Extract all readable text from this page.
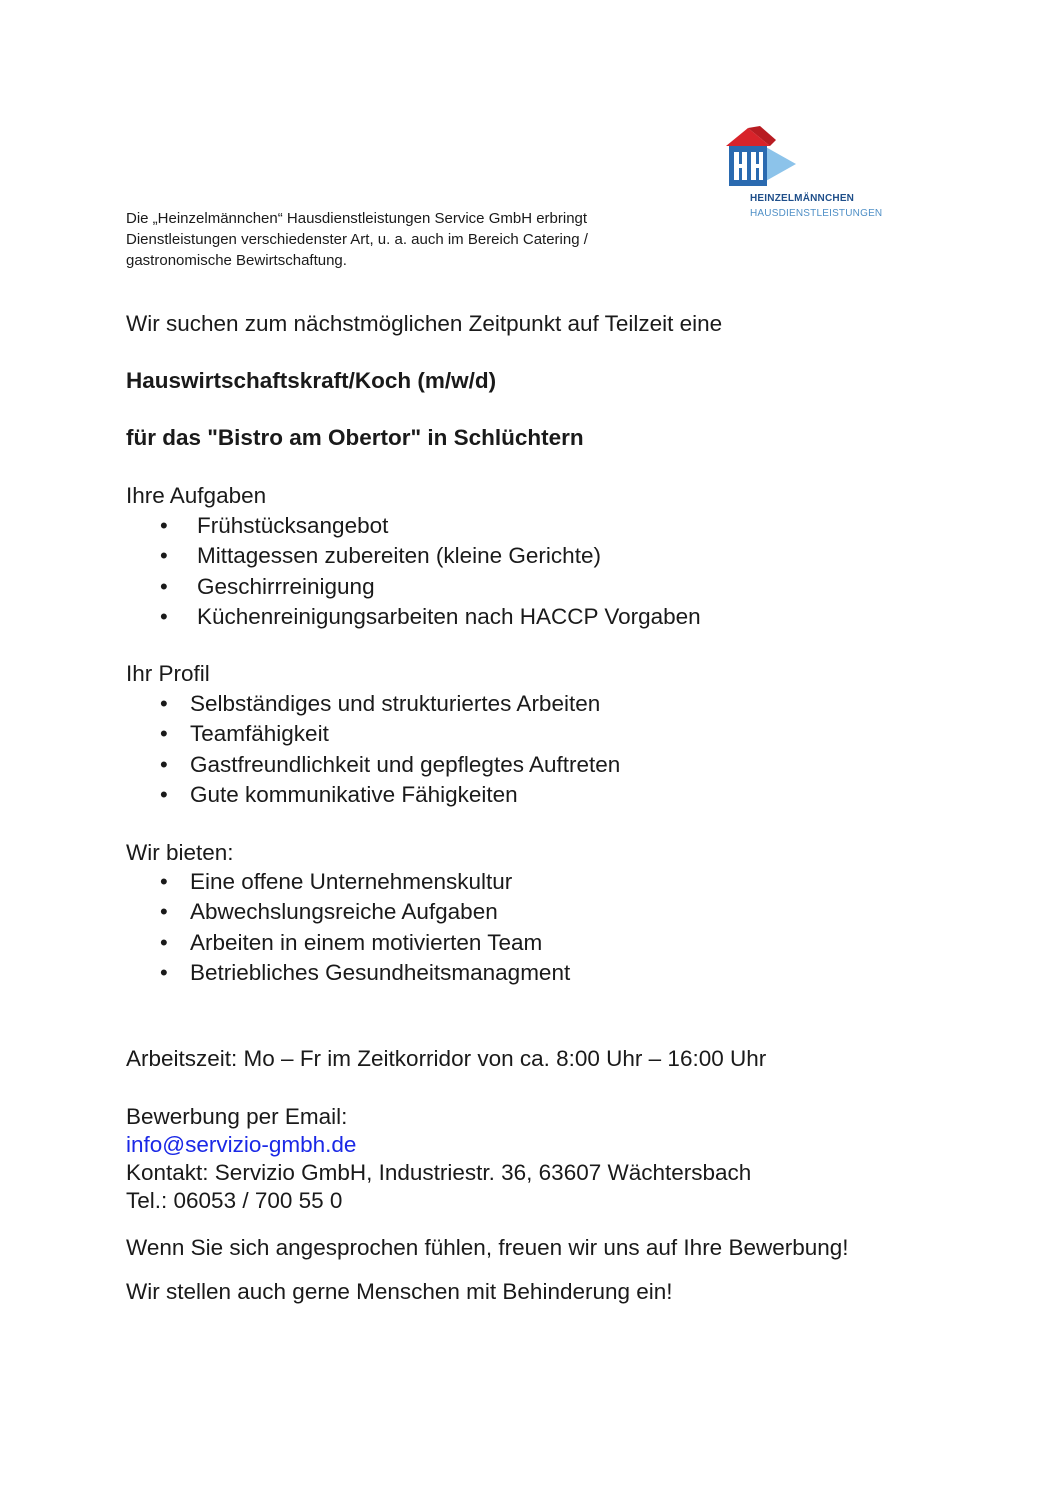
HEINZELMÄNNCHEN
HAUSDIENSTLEISTUNGEN
Die „Heinzelmännchen“ Hausdienstleistungen Service GmbH erbringt
Dienstleistungen verschiedenster Art, u. a. auch im Bereich Catering /
gastronomische Bewirtschaftung.
Wir suchen zum nächstmöglichen Zeitpunkt auf Teilzeit eine
Hauswirtschaftskraft/Koch (m/w/d)
für das "Bistro am Obertor" in Schlüchtern
Ihre Aufgaben
• Frühstücksangebot
• Mittagessen zubereiten (kleine Gerichte)
• Geschirrreinigung
• Küchenreinigungsarbeiten nach HACCP Vorgaben
Ihr Profil
• Selbständiges und strukturiertes Arbeiten
• Teamfähigkeit
• Gastfreundlichkeit und gepflegtes Auftreten
• Gute kommunikative Fähigkeiten
Wir bieten:
• Eine offene Unternehmenskultur
• Abwechslungsreiche Aufgaben
• Arbeiten in einem motivierten Team
• Betriebliches Gesundheitsmanagment
Arbeitszeit: Mo – Fr im Zeitkorridor von ca. 8:00 Uhr – 16:00 Uhr
Bewerbung per Email:
info@servizio-gmbh.de
Kontakt: Servizio GmbH, Industriestr. 36, 63607 Wächtersbach
Tel.: 06053 / 700 55 0
Wenn Sie sich angesprochen fühlen, freuen wir uns auf Ihre Bewerbung!
Wir stellen auch gerne Menschen mit Behinderung ein!
